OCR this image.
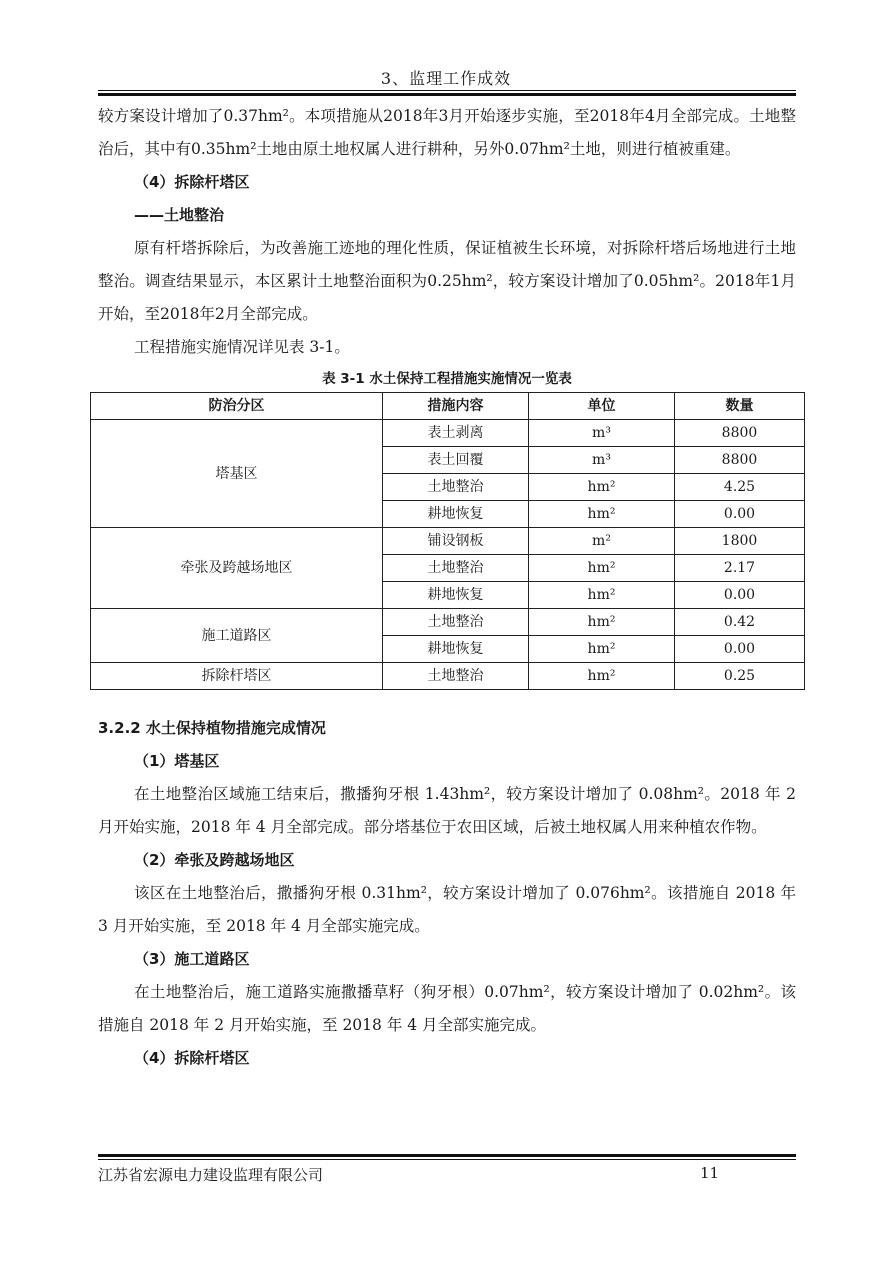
3、监理工作成效

较方案设计增加了0.37hm²。本项措施从2018年3月开始逐步实施，至2018年4月全部完成。土地整治后，其中有0.35hm²土地由原土地权属人进行耕种，另外0.07hm²土地，则进行植被重建。

（4）拆除杆塔区

——土地整治

原有杆塔拆除后，为改善施工迹地的理化性质，保证植被生长环境，对拆除杆塔后场地进行土地整治。调查结果显示，本区累计土地整治面积为0.25hm²，较方案设计增加了0.05hm²。2018年1月开始，至2018年2月全部完成。

工程措施实施情况详见表 3-1。

表 3-1 水土保持工程措施实施情况一览表
防治分区	措施内容	单位	数量
塔基区	表土剥离	m³	8800
	表土回覆	m³	8800
	土地整治	hm²	4.25
	耕地恢复	hm²	0.00
牵张及跨越场地区	铺设钢板	m²	1800
	土地整治	hm²	2.17
	耕地恢复	hm²	0.00
施工道路区	土地整治	hm²	0.42
	耕地恢复	hm²	0.00
拆除杆塔区	土地整治	hm²	0.25

3.2.2 水土保持植物措施完成情况

（1）塔基区

在土地整治区域施工结束后，撒播狗牙根 1.43hm²，较方案设计增加了 0.08hm²。2018 年 2 月开始实施，2018 年 4 月全部完成。部分塔基位于农田区域，后被土地权属人用来种植农作物。

（2）牵张及跨越场地区

该区在土地整治后，撒播狗牙根 0.31hm²，较方案设计增加了 0.076hm²。该措施自 2018 年 3 月开始实施，至 2018 年 4 月全部实施完成。

（3）施工道路区

在土地整治后，施工道路实施撒播草籽（狗牙根）0.07hm²，较方案设计增加了 0.02hm²。该措施自 2018 年 2 月开始实施，至 2018 年 4 月全部实施完成。

（4）拆除杆塔区

江苏省宏源电力建设监理有限公司	11
